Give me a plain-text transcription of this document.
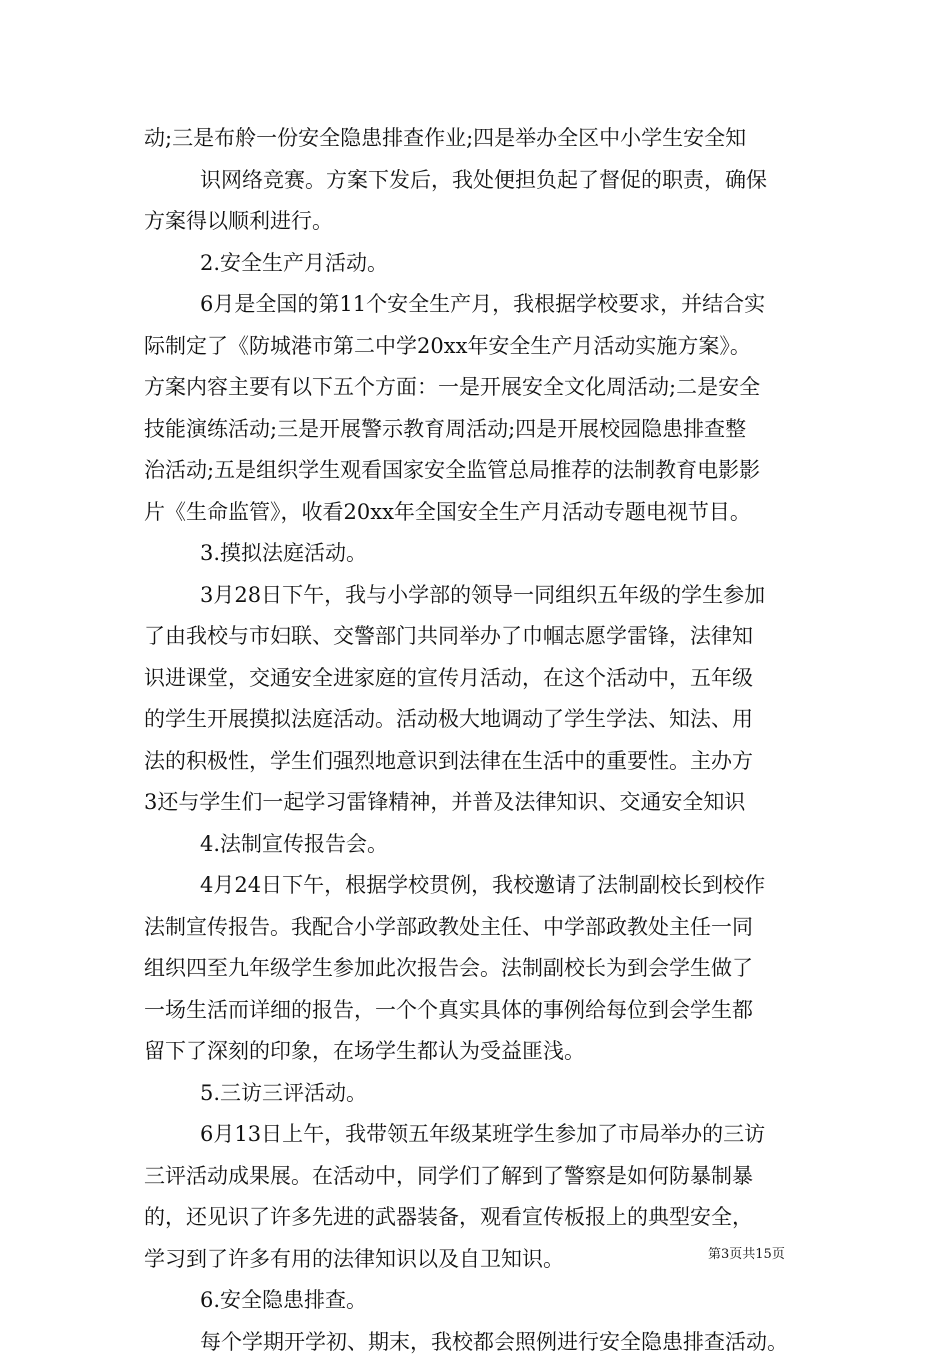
动;三是布舲一份安全隐患排查作业;四是举办全区中小学生安全知
识网络竞赛。方案下发后，我处便担负起了督促的职责，确保
方案得以顺利进行。
2.安全生产月活动。
6月是全国的第11个安全生产月，我根据学校要求，并结合实
际制定了《防城港市第二中学20xx年安全生产月活动实施方案》。
方案内容主要有以下五个方面：一是开展安全文化周活动;二是安全
技能演练活动;三是开展警示教育周活动;四是开展校园隐患排查整
治活动;五是组织学生观看国家安全监管总局推荐的法制教育电影影
片《生命监管》，收看20xx年全国安全生产月活动专题电视节目。
3.摸拟法庭活动。
3月28日下午，我与小学部的领导一同组织五年级的学生参加
了由我校与市妇联、交警部门共同举办了巾帼志愿学雷锋，法律知
识进课堂，交通安全进家庭的宣传月活动，在这个活动中，五年级
的学生开展摸拟法庭活动。活动极大地调动了学生学法、知法、用
法的积极性，学生们强烈地意识到法律在生活中的重要性。主办方
3还与学生们一起学习雷锋精神，并普及法律知识、交通安全知识
4.法制宣传报告会。
4月24日下午，根据学校贯例，我校邀请了法制副校长到校作
法制宣传报告。我配合小学部政教处主任、中学部政教处主任一同
组织四至九年级学生参加此次报告会。法制副校长为到会学生做了
一场生活而详细的报告，一个个真实具体的事例给每位到会学生都
留下了深刻的印象，在场学生都认为受益匪浅。
5.三访三评活动。
6月13日上午，我带领五年级某班学生参加了市局举办的三访
三评活动成果展。在活动中，同学们了解到了警察是如何防暴制暴
的，还见识了许多先进的武器装备，观看宣传板报上的典型安全，
学习到了许多有用的法律知识以及自卫知识。
6.安全隐患排查。
每个学期开学初、期末，我校都会照例进行安全隐患排查活动。
第3页共15页
